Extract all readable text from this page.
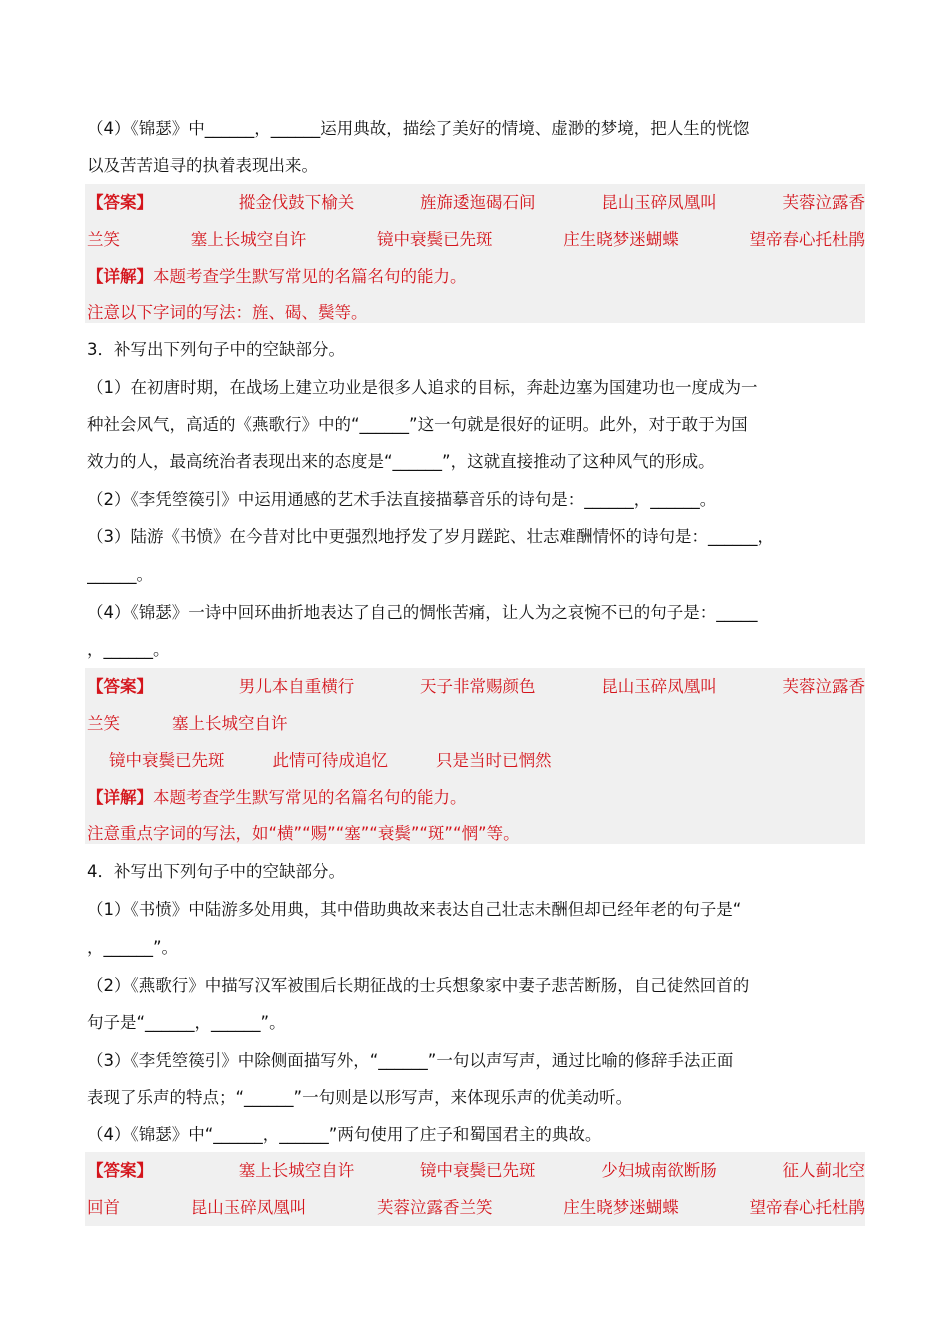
（4）《锦瑟》中______，______运用典故，描绘了美好的情境、虚渺的梦境，把人生的恍惚
以及苦苦追寻的执着表现出来。
【答案】	摐金伐鼓下榆关	旌旆逶迤碣石间	昆山玉碎凤凰叫	芙蓉泣露香
兰笑	塞上长城空自许	镜中衰鬓已先斑	庄生晓梦迷蝴蝶	望帝春心托杜鹃
【详解】本题考查学生默写常见的名篇名句的能力。
注意以下字词的写法：旌、碣、鬓等。
3．补写出下列句子中的空缺部分。
（1）在初唐时期，在战场上建立功业是很多人追求的目标，奔赴边塞为国建功也一度成为一
种社会风气，高适的《燕歌行》中的“______”这一句就是很好的证明。此外，对于敢于为国
效力的人，最高统治者表现出来的态度是“______”，这就直接推动了这种风气的形成。
（2）《李凭箜篌引》中运用通感的艺术手法直接描摹音乐的诗句是：______，______。
（3）陆游《书愤》在今昔对比中更强烈地抒发了岁月蹉跎、壮志难酬情怀的诗句是：______，
______。
（4）《锦瑟》一诗中回环曲折地表达了自己的惆怅苦痛，让人为之哀惋不已的句子是：_____
，______。
【答案】	男儿本自重横行	天子非常赐颜色	昆山玉碎凤凰叫	芙蓉泣露香
兰笑	塞上长城空自许
镜中衰鬓已先斑	此情可待成追忆	只是当时已惘然
【详解】本题考查学生默写常见的名篇名句的能力。
注意重点字词的写法，如“横”“赐”“塞”“衰鬓”“斑”“惘”等。
4．补写出下列句子中的空缺部分。
（1）《书愤》中陆游多处用典，其中借助典故来表达自己壮志未酬但却已经年老的句子是“
，______”。
（2）《燕歌行》中描写汉军被围后长期征战的士兵想象家中妻子悲苦断肠，自己徒然回首的
句子是“______，______”。
（3）《李凭箜篌引》中除侧面描写外，“______”一句以声写声，通过比喻的修辞手法正面
表现了乐声的特点；“______”一句则是以形写声，来体现乐声的优美动听。
（4）《锦瑟》中“______，______”两句使用了庄子和蜀国君主的典故。
【答案】	塞上长城空自许	镜中衰鬓已先斑	少妇城南欲断肠	征人蓟北空
回首	昆山玉碎凤凰叫	芙蓉泣露香兰笑	庄生晓梦迷蝴蝶	望帝春心托杜鹃
